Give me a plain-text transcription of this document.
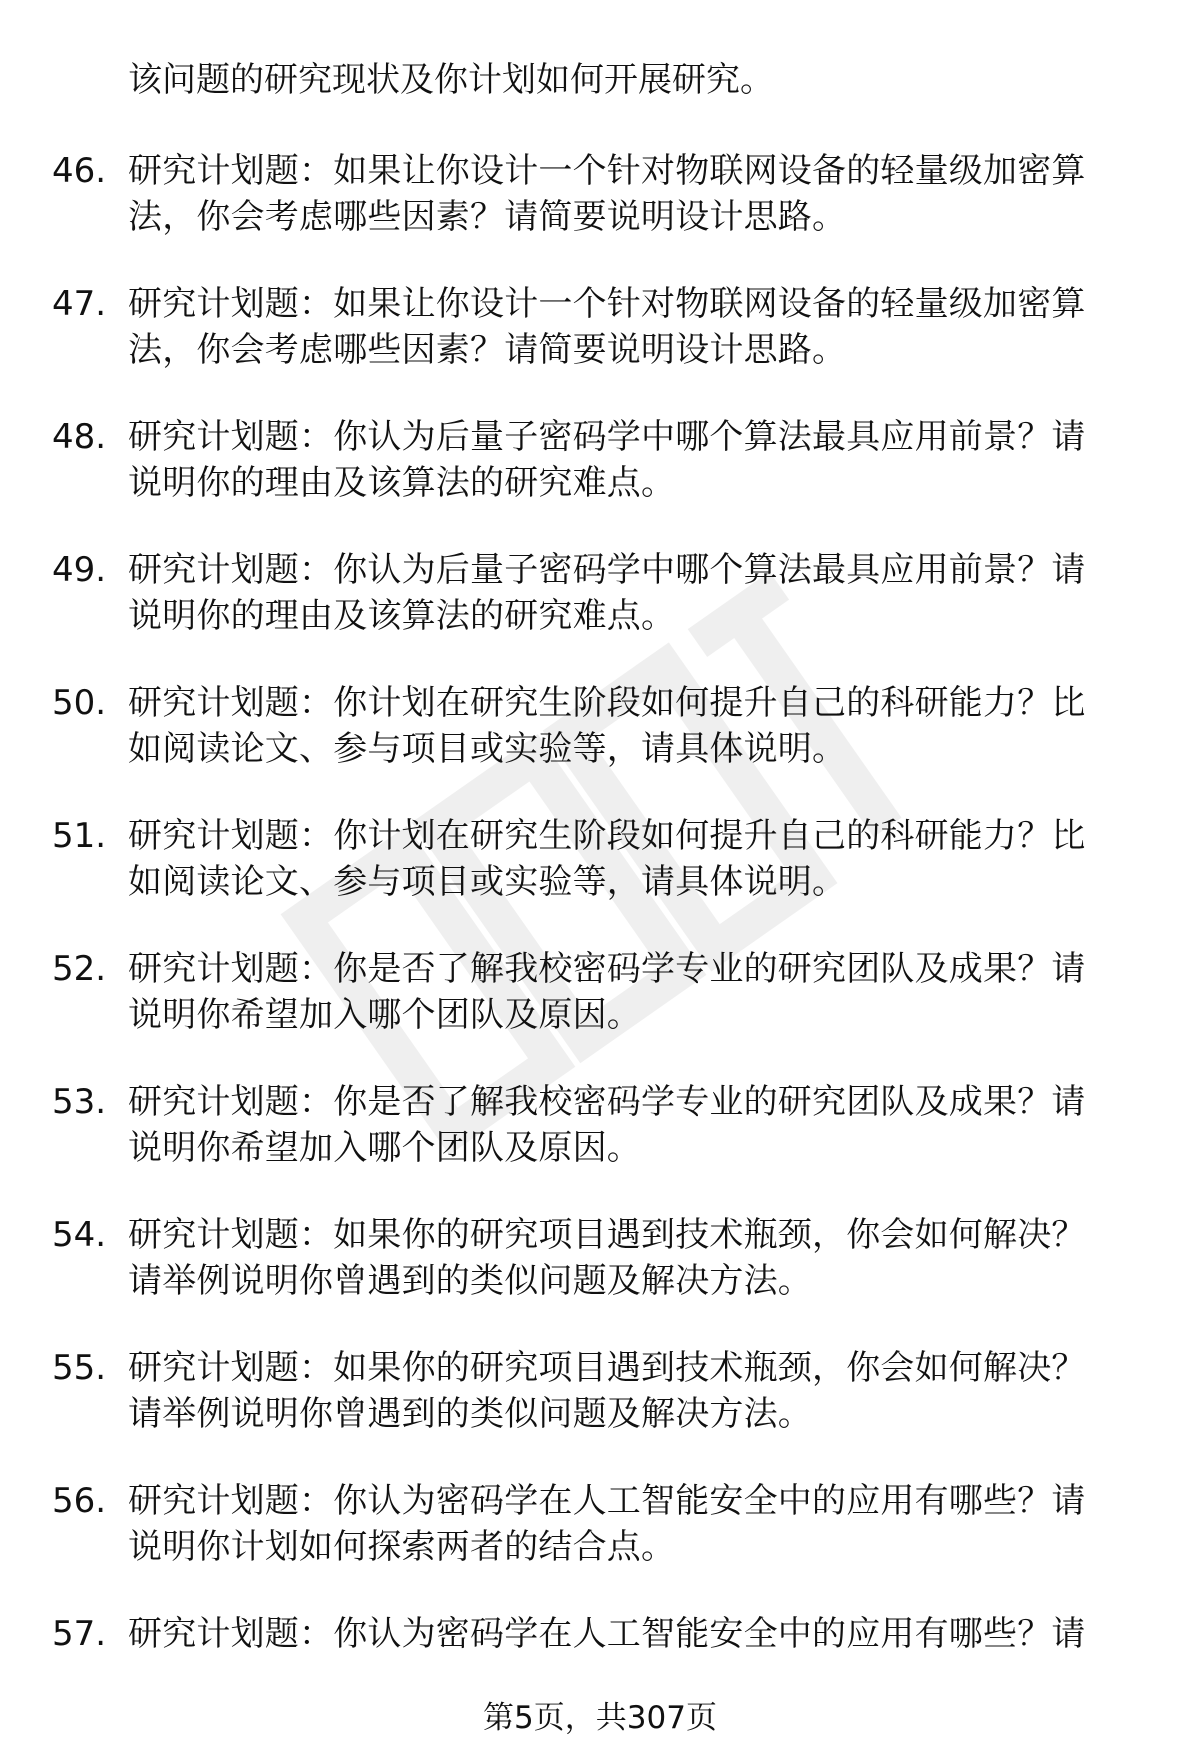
该问题的研究现状及你计划如何开展研究。
46. 研究计划题：如果让你设计一个针对物联网设备的轻量级加密算
法，你会考虑哪些因素？请简要说明设计思路。
47. 研究计划题：如果让你设计一个针对物联网设备的轻量级加密算
法，你会考虑哪些因素？请简要说明设计思路。
48. 研究计划题：你认为后量子密码学中哪个算法最具应用前景？请
说明你的理由及该算法的研究难点。
49. 研究计划题：你认为后量子密码学中哪个算法最具应用前景？请
说明你的理由及该算法的研究难点。
50. 研究计划题：你计划在研究生阶段如何提升自己的科研能力？比
如阅读论文、参与项目或实验等，请具体说明。
51. 研究计划题：你计划在研究生阶段如何提升自己的科研能力？比
如阅读论文、参与项目或实验等，请具体说明。
52. 研究计划题：你是否了解我校密码学专业的研究团队及成果？请
说明你希望加入哪个团队及原因。
53. 研究计划题：你是否了解我校密码学专业的研究团队及成果？请
说明你希望加入哪个团队及原因。
54. 研究计划题：如果你的研究项目遇到技术瓶颈，你会如何解决？
请举例说明你曾遇到的类似问题及解决方法。
55. 研究计划题：如果你的研究项目遇到技术瓶颈，你会如何解决？
请举例说明你曾遇到的类似问题及解决方法。
56. 研究计划题：你认为密码学在人工智能安全中的应用有哪些？请
说明你计划如何探索两者的结合点。
57. 研究计划题：你认为密码学在人工智能安全中的应用有哪些？请
第5页，共307页
